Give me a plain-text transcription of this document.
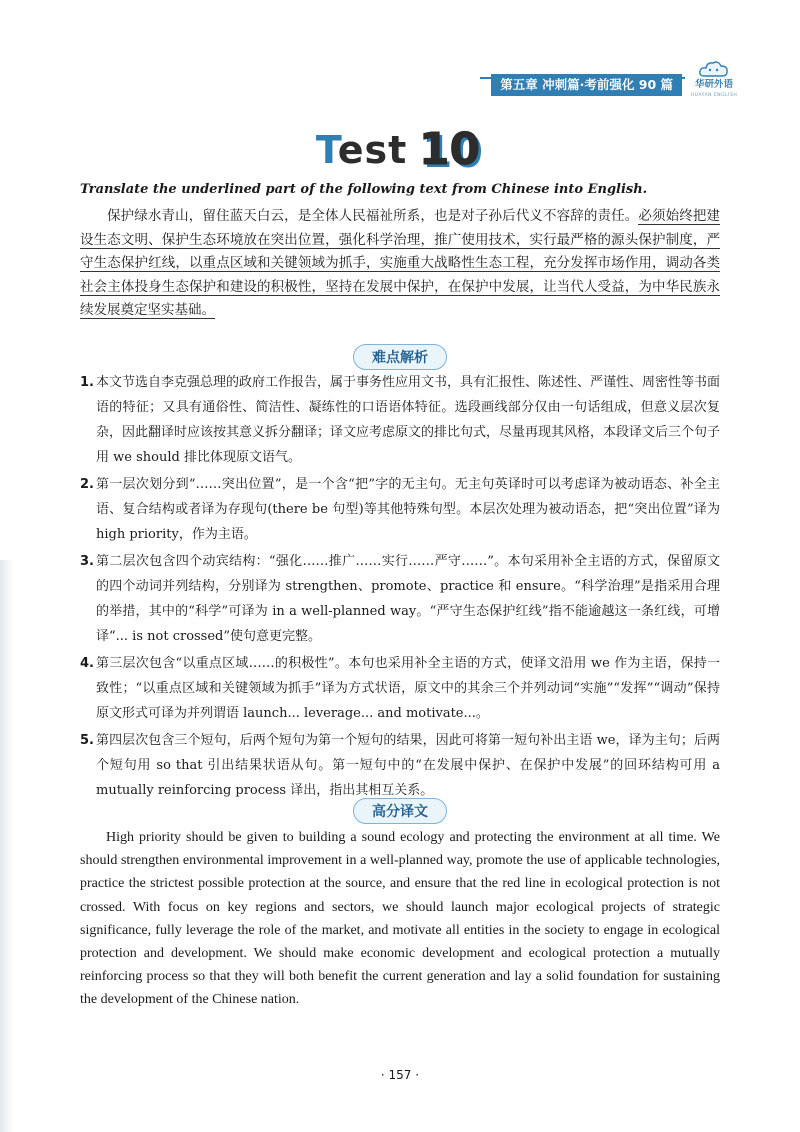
第五章 冲刺篇·考前强化 90 篇	华研外语
HUAYAN ENGLISH
Test 10
Translate the underlined part of the following text from Chinese into English.
保护绿水青山，留住蓝天白云，是全体人民福祉所系，也是对子孙后代义不容辞的责任。必须始终把建设生态文明、保护生态环境放在突出位置，强化科学治理，推广使用技术，实行最严格的源头保护制度，严守生态保护红线，以重点区域和关键领域为抓手，实施重大战略性生态工程，充分发挥市场作用，调动各类社会主体投身生态保护和建设的积极性，坚持在发展中保护，在保护中发展，让当代人受益，为中华民族永续发展奠定坚实基础。
难点解析
1. 本文节选自李克强总理的政府工作报告，属于事务性应用文书，具有汇报性、陈述性、严谨性、周密性等书面语的特征；又具有通俗性、简洁性、凝练性的口语语体特征。选段画线部分仅由一句话组成，但意义层次复杂，因此翻译时应该按其意义拆分翻译；译文应考虑原文的排比句式，尽量再现其风格，本段译文后三个句子用 we should 排比体现原文语气。
2. 第一层次划分到“……突出位置”，是一个含“把”字的无主句。无主句英译时可以考虑译为被动语态、补全主语、复合结构或者译为存现句(there be 句型)等其他特殊句型。本层次处理为被动语态，把“突出位置”译为 high priority，作为主语。
3. 第二层次包含四个动宾结构：“强化……推广……实行……严守……”。本句采用补全主语的方式，保留原文的四个动词并列结构，分别译为 strengthen、promote、practice 和 ensure。“科学治理”是指采用合理的举措，其中的“科学”可译为 in a well-planned way。“严守生态保护红线”指不能逾越这一条红线，可增译“... is not crossed”使句意更完整。
4. 第三层次包含“以重点区域……的积极性”。本句也采用补全主语的方式，使译文沿用 we 作为主语，保持一致性；“以重点区域和关键领域为抓手”译为方式状语，原文中的其余三个并列动词“实施”“发挥”“调动”保持原文形式可译为并列谓语 launch... leverage... and motivate...。
5. 第四层次包含三个短句，后两个短句为第一个短句的结果，因此可将第一短句补出主语 we，译为主句；后两个短句用 so that 引出结果状语从句。第一短句中的“在发展中保护、在保护中发展”的回环结构可用 a mutually reinforcing process 译出，指出其相互关系。
高分译文
High priority should be given to building a sound ecology and protecting the environment at all time. We should strengthen environmental improvement in a well-planned way, promote the use of applicable technologies, practice the strictest possible protection at the source, and ensure that the red line in ecological protection is not crossed. With focus on key regions and sectors, we should launch major ecological projects of strategic significance, fully leverage the role of the market, and motivate all entities in the society to engage in ecological protection and development. We should make economic development and ecological protection a mutually reinforcing process so that they will both benefit the current generation and lay a solid foundation for sustaining the development of the Chinese nation.
· 157 ·
